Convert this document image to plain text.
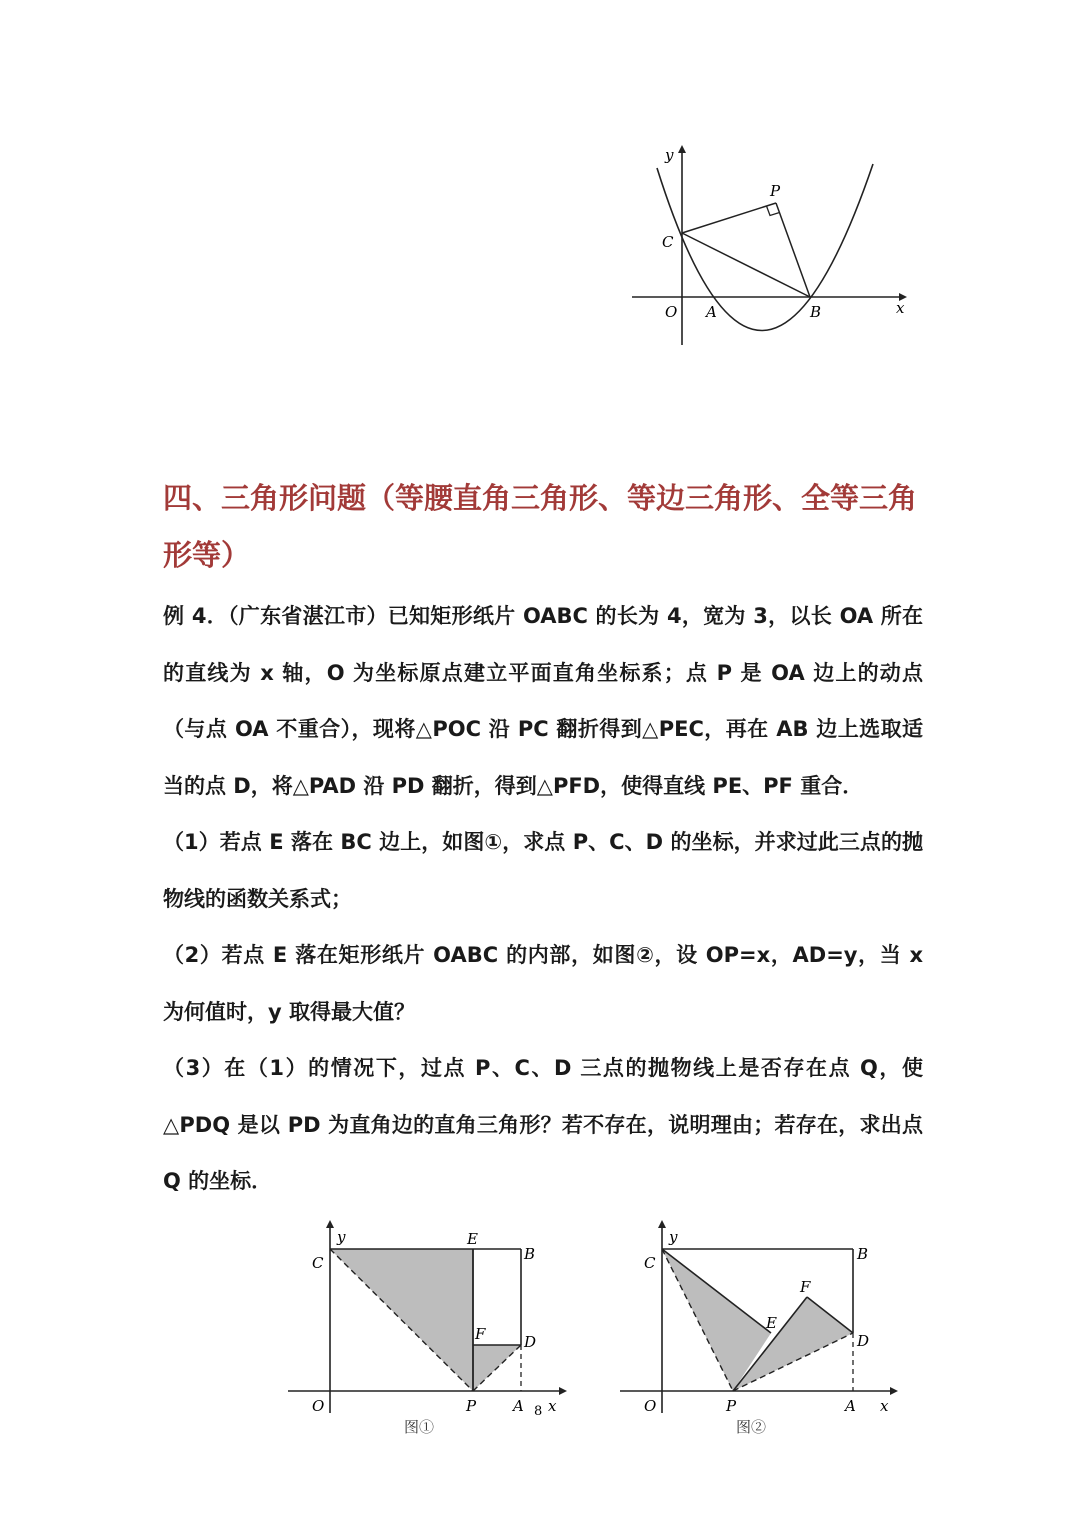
y
P
C
O A	B	x
四、三角形问题（等腰直角三角形、等边三角形、全等三角形等）

例 4．（广东省湛江市）已知矩形纸片 OABC 的长为 4，宽为 3，以长 OA 所在的直线为 x 轴，O 为坐标原点建立平面直角坐标系；点 P 是 OA 边上的动点（与点 OA 不重合），现将△POC 沿 PC 翻折得到△PEC，再在 AB 边上选取适当的点 D，将△PAD 沿 PD 翻折，得到△PFD，使得直线 PE、PF 重合．

（1）若点 E 落在 BC 边上，如图①，求点 P、C、D 的坐标，并求过此三点的抛物线的函数关系式；

（2）若点 E 落在矩形纸片 OABC 的内部，如图②，设 OP=x，AD=y，当 x 为何值时，y 取得最大值？

（3）在（1）的情况下，过点 P、C、D 三点的抛物线上是否存在点 Q，使△PDQ 是以 PD 为直角边的直角三角形？若不存在，说明理由；若存在，求出点 Q 的坐标．

y
C
E
B
F	D
O	P A 8 x
图①
y
C	B
F
E
D
O	P	A x
图②
